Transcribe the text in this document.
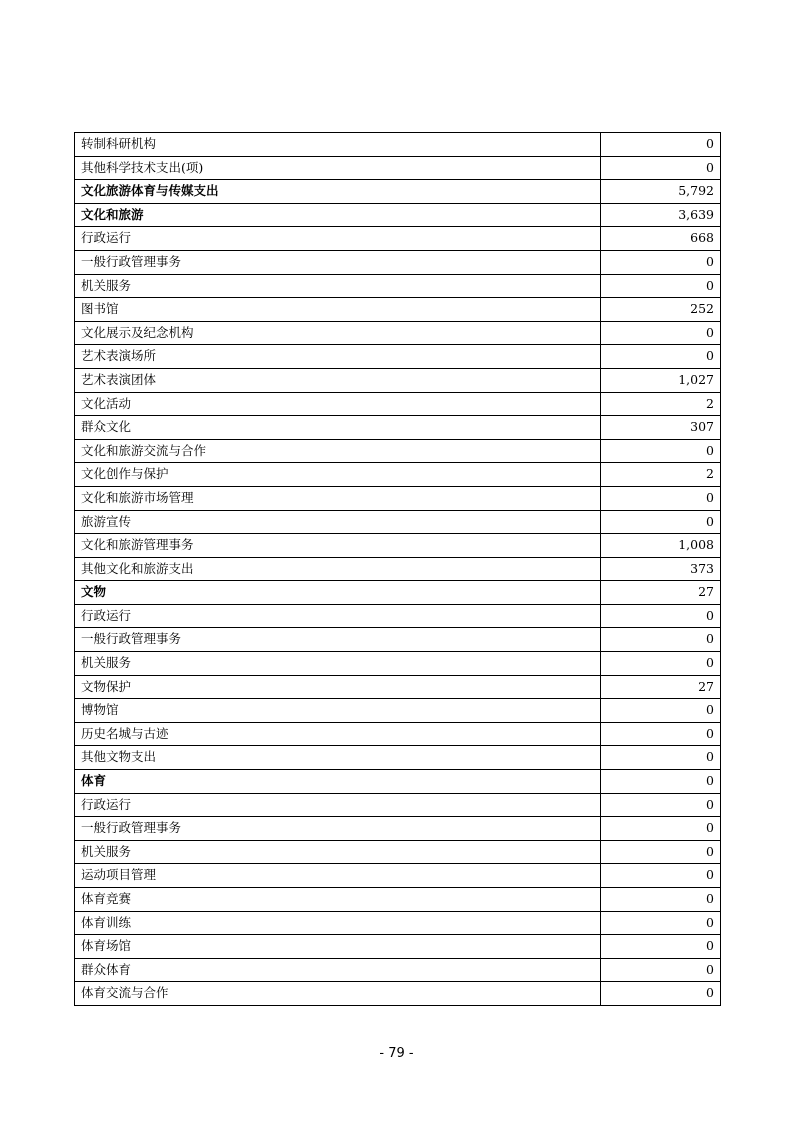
转制科研机构	0
其他科学技术支出(项)	0
文化旅游体育与传媒支出	5,792
文化和旅游	3,639
行政运行	668
一般行政管理事务	0
机关服务	0
图书馆	252
文化展示及纪念机构	0
艺术表演场所	0
艺术表演团体	1,027
文化活动	2
群众文化	307
文化和旅游交流与合作	0
文化创作与保护	2
文化和旅游市场管理	0
旅游宣传	0
文化和旅游管理事务	1,008
其他文化和旅游支出	373
文物	27
行政运行	0
一般行政管理事务	0
机关服务	0
文物保护	27
博物馆	0
历史名城与古迹	0
其他文物支出	0
体育	0
行政运行	0
一般行政管理事务	0
机关服务	0
运动项目管理	0
体育竞赛	0
体育训练	0
体育场馆	0
群众体育	0
体育交流与合作	0
- 79 -
